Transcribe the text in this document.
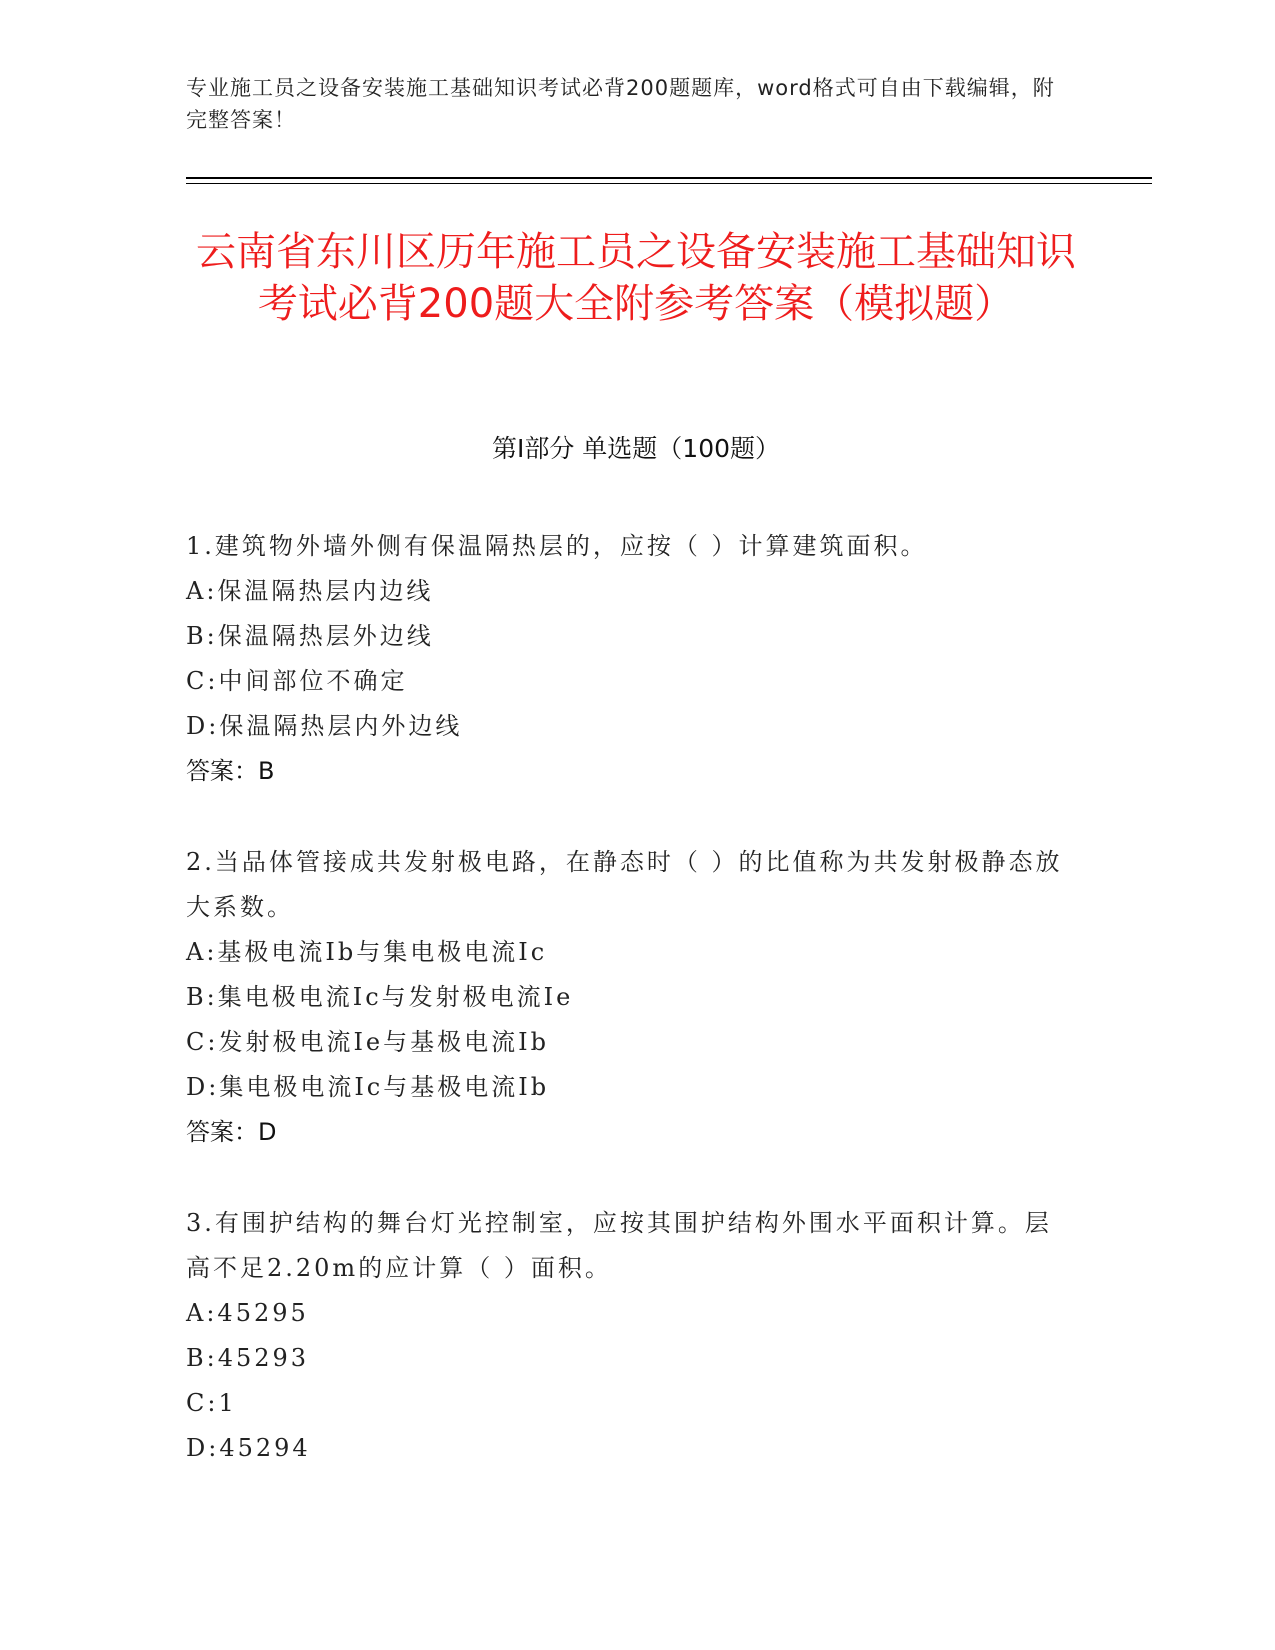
专业施工员之设备安装施工基础知识考试必背200题题库，word格式可自由下载编辑，附完整答案！
云南省东川区历年施工员之设备安装施工基础知识考试必背200题大全附参考答案（模拟题）
第Ⅰ部分 单选题（100题）

1.建筑物外墙外侧有保温隔热层的，应按（ ）计算建筑面积。

A:保温隔热层内边线

B:保温隔热层外边线

C:中间部位不确定

D:保温隔热层内外边线

答案：B

2.当品体管接成共发射极电路，在静态时（ ）的比值称为共发射极静态放大系数。

A:基极电流Ib与集电极电流Ic

B:集电极电流Ic与发射极电流Ie

C:发射极电流Ie与基极电流Ib

D:集电极电流Ic与基极电流Ib

答案：D

3.有围护结构的舞台灯光控制室，应按其围护结构外围水平面积计算。层高不足2.20m的应计算（ ）面积。

A:45295

B:45293

C:1

D:45294
